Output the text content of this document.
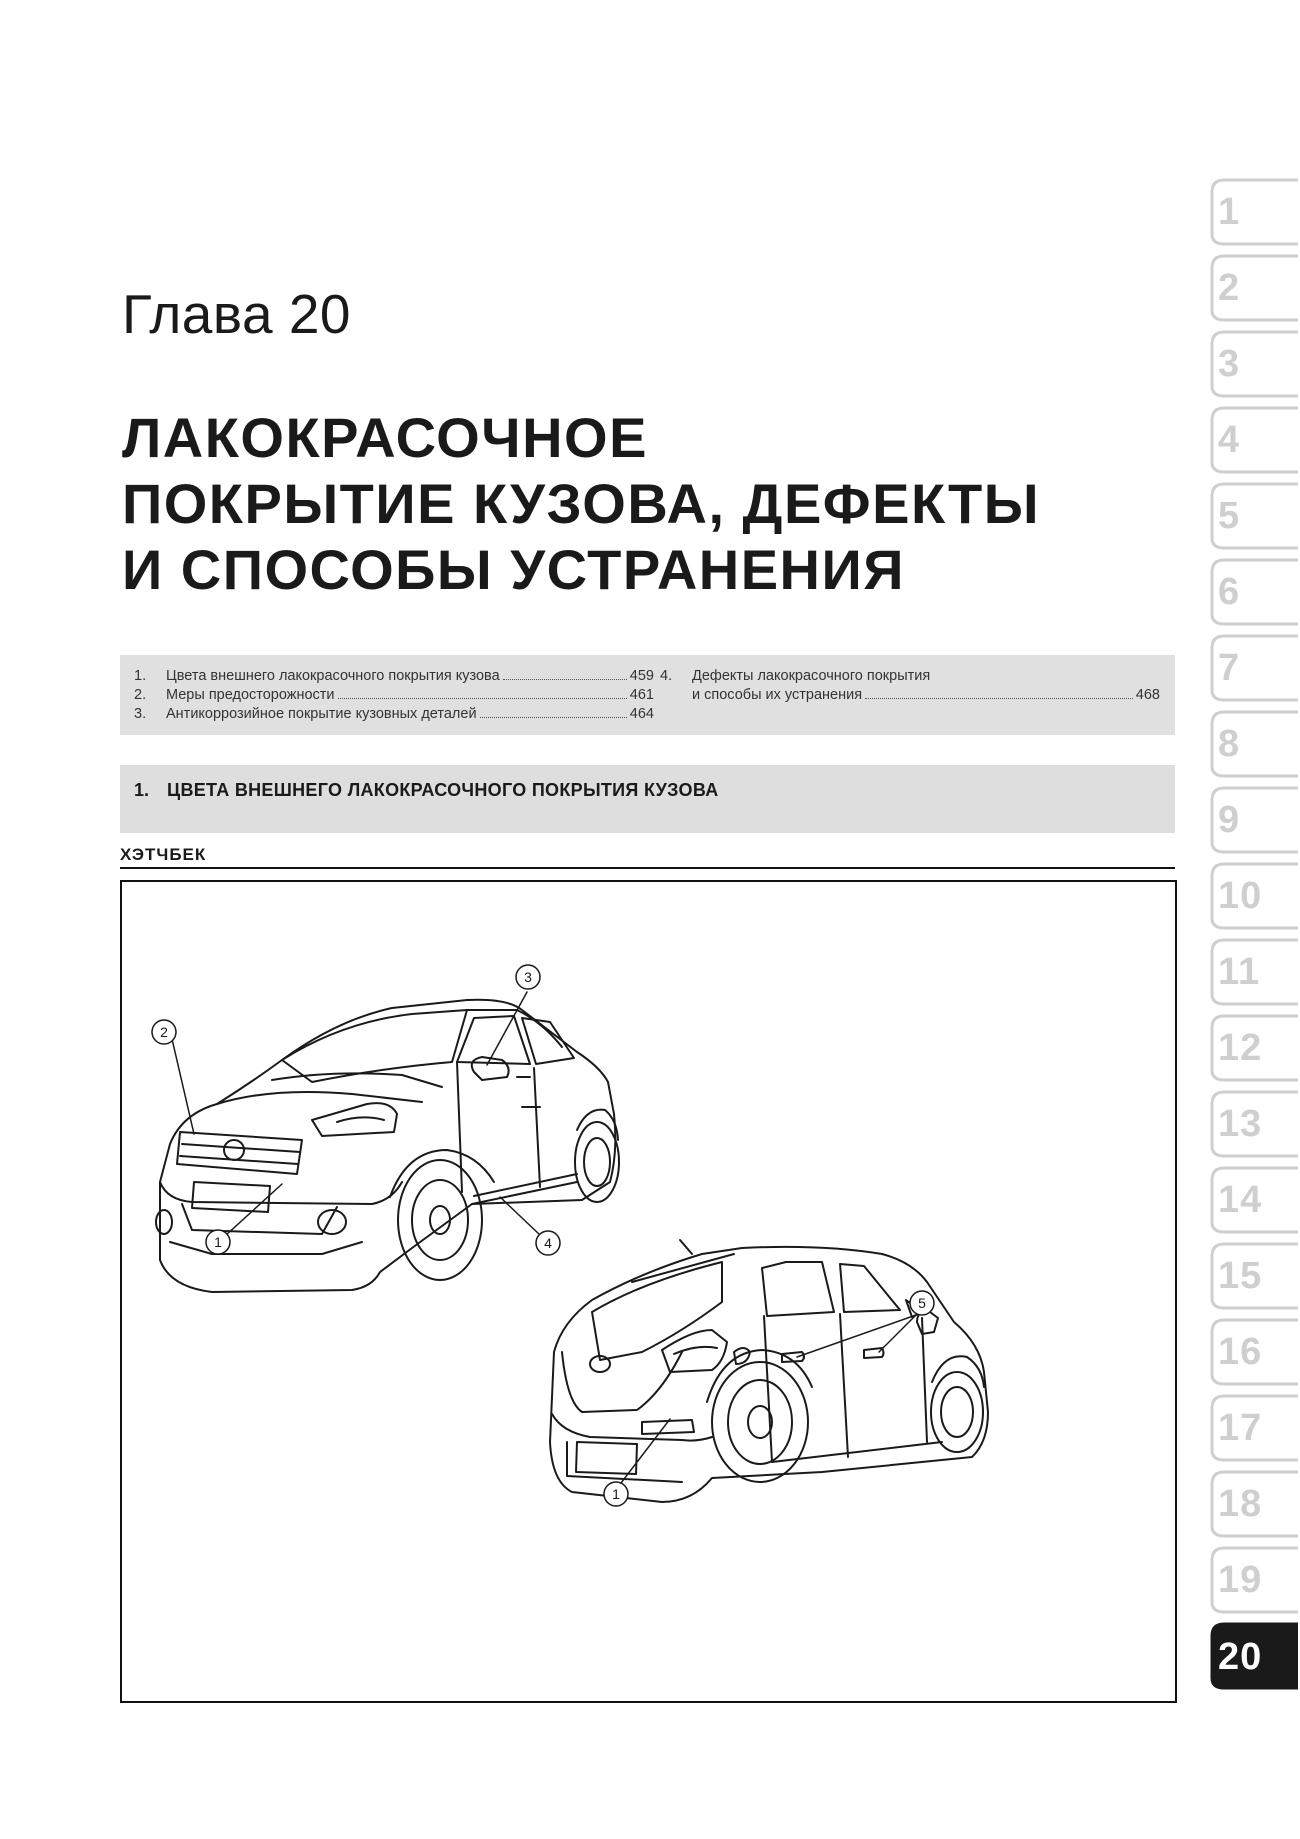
Глава 20
ЛАКОКРАСОЧНОЕ
ПОКРЫТИЕ КУЗОВА, ДЕФЕКТЫ
И СПОСОБЫ УСТРАНЕНИЯ
1.	Цвета внешнего лакокрасочного покрытия кузова	459
2.	Меры предосторожности	461
3.	Антикоррозийное покрытие кузовных деталей	464
4.	Дефекты лакокрасочного покрытия
и способы их устранения	468
1. ЦВЕТА ВНЕШНЕГО ЛАКОКРАСОЧНОГО ПОКРЫТИЯ КУЗОВА
ХЭТЧБЕК
2
3
1	4
5
1
1
2
3
4
5
6
7
8
9
10
11
12
13
14
15
16
17
18
19
20
